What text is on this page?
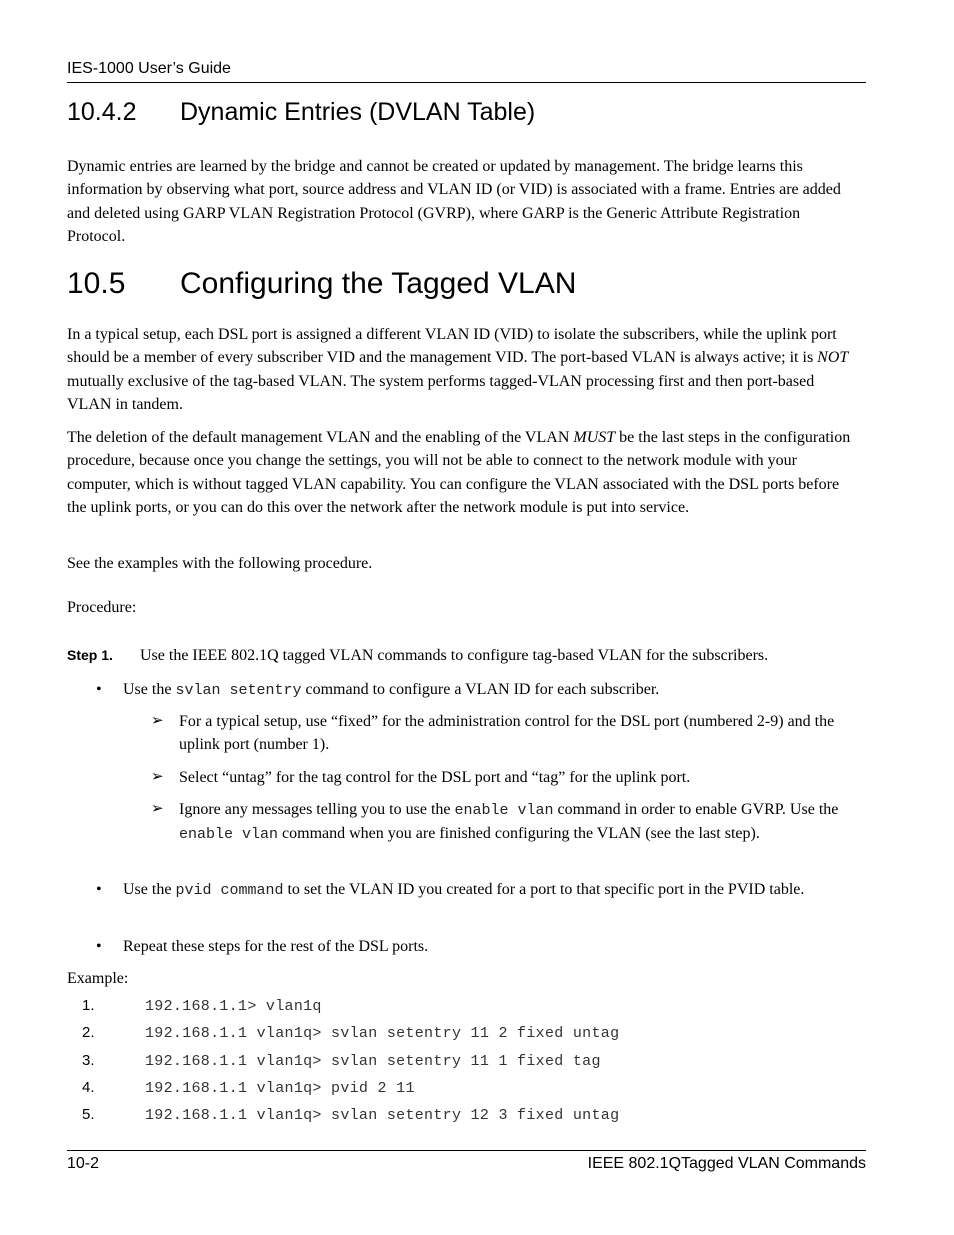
IES-1000 User’s Guide
10.4.2 Dynamic Entries (DVLAN Table)
Dynamic entries are learned by the bridge and cannot be created or updated by management. The bridge learns this information by observing what port, source address and VLAN ID (or VID) is associated with a frame. Entries are added and deleted using GARP VLAN Registration Protocol (GVRP), where GARP is the Generic Attribute Registration Protocol.
10.5 Configuring the Tagged VLAN
In a typical setup, each DSL port is assigned a different VLAN ID (VID) to isolate the subscribers, while the uplink port should be a member of every subscriber VID and the management VID. The port-based VLAN is always active; it is NOT mutually exclusive of the tag-based VLAN. The system performs tagged-VLAN processing first and then port-based VLAN in tandem.
The deletion of the default management VLAN and the enabling of the VLAN MUST be the last steps in the configuration procedure, because once you change the settings, you will not be able to connect to the network module with your computer, which is without tagged VLAN capability. You can configure the VLAN associated with the DSL ports before the uplink ports, or you can do this over the network after the network module is put into service.
See the examples with the following procedure.
Procedure:
Step 1. Use the IEEE 802.1Q tagged VLAN commands to configure tag-based VLAN for the subscribers.
• Use the svlan setentry command to configure a VLAN ID for each subscriber.
➢ For a typical setup, use “fixed” for the administration control for the DSL port (numbered 2-9) and the uplink port (number 1).
➢ Select “untag” for the tag control for the DSL port and “tag” for the uplink port.
➢ Ignore any messages telling you to use the enable vlan command in order to enable GVRP. Use the enable vlan command when you are finished configuring the VLAN (see the last step).
• Use the pvid command to set the VLAN ID you created for a port to that specific port in the PVID table.
• Repeat these steps for the rest of the DSL ports.
Example:
1.	192.168.1.1> vlan1q
2.	192.168.1.1 vlan1q> svlan setentry 11 2 fixed untag
3.	192.168.1.1 vlan1q> svlan setentry 11 1 fixed tag
4.	192.168.1.1 vlan1q> pvid 2 11
5.	192.168.1.1 vlan1q> svlan setentry 12 3 fixed untag
10-2	IEEE 802.1QTagged VLAN Commands
